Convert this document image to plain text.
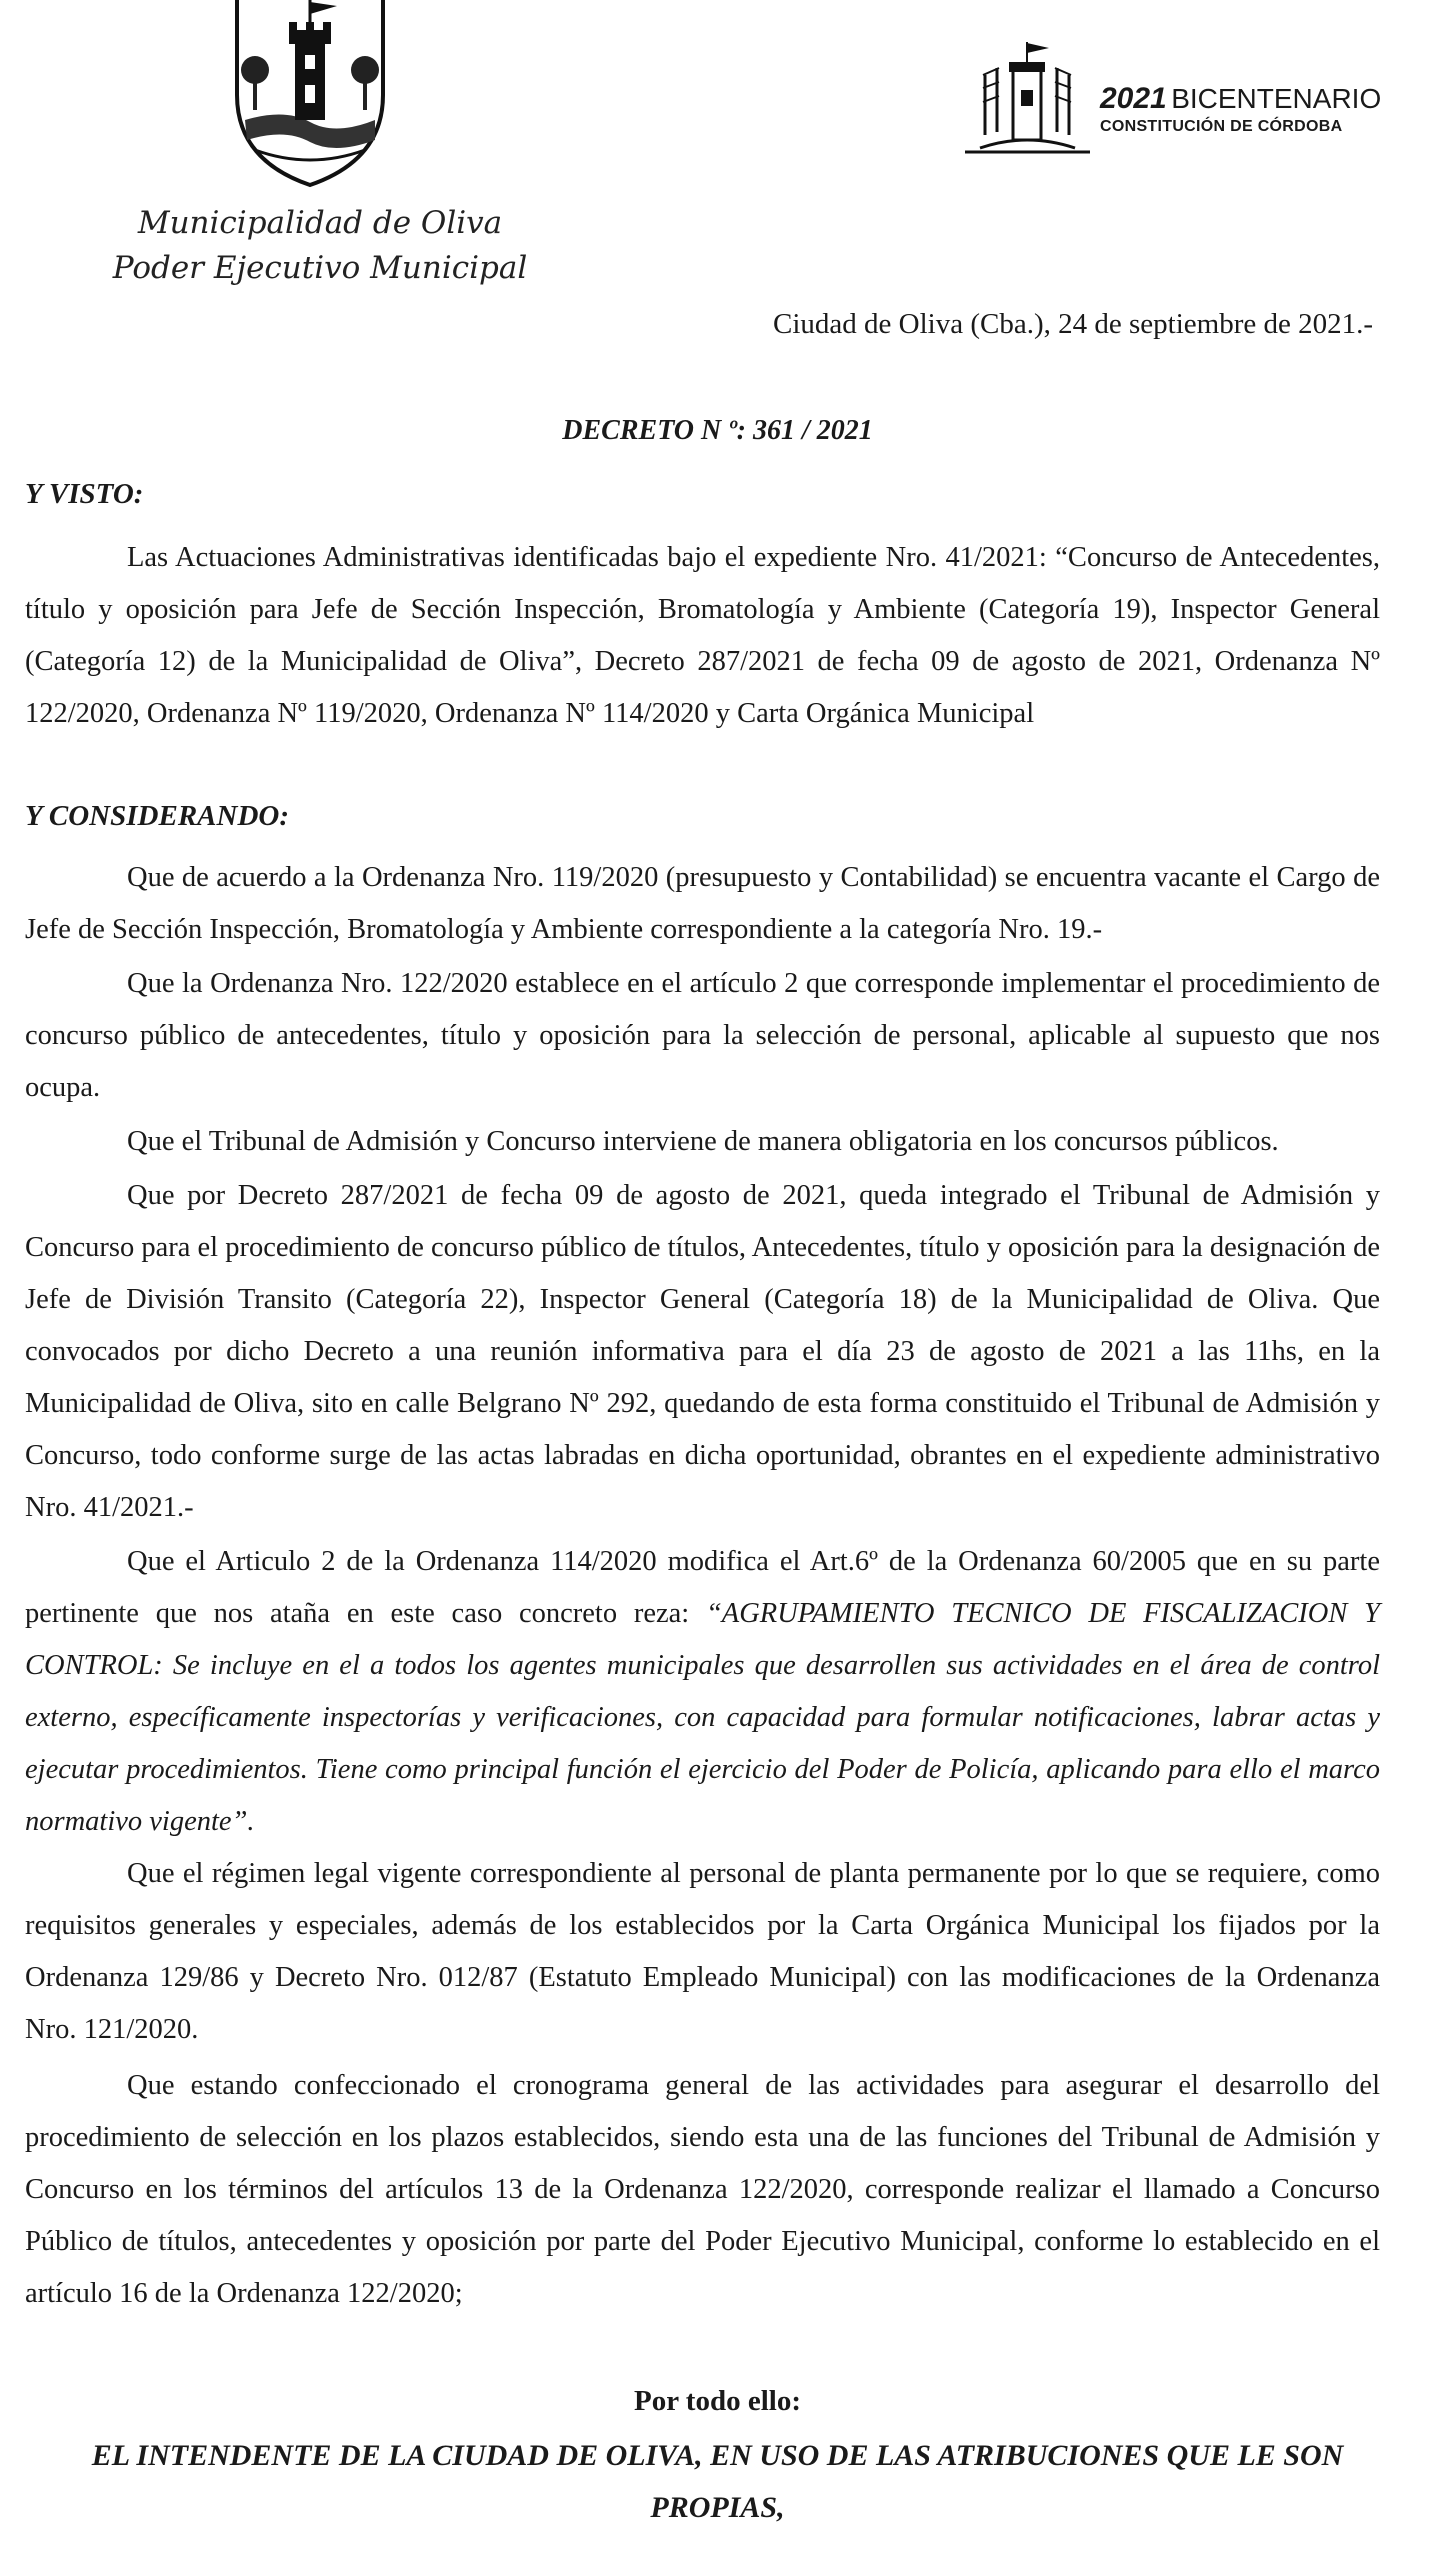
2021 BICENTENARIO
CONSTITUCIÓN DE CÓRDOBA
Municipalidad de Oliva
Poder Ejecutivo Municipal
Ciudad de Oliva (Cba.), 24 de septiembre de 2021.-
DECRETO N º: 361 / 2021
Y VISTO:

Las Actuaciones Administrativas identificadas bajo el expediente Nro. 41/2021: “Concurso de Antecedentes, título y oposición para Jefe de Sección Inspección, Bromatología y Ambiente (Categoría 19), Inspector General (Categoría 12) de la Municipalidad de Oliva”, Decreto 287/2021 de fecha 09 de agosto de 2021, Ordenanza Nº 122/2020, Ordenanza Nº 119/2020, Ordenanza Nº 114/2020 y Carta Orgánica Municipal

Y CONSIDERANDO:

Que de acuerdo a la Ordenanza Nro. 119/2020 (presupuesto y Contabilidad) se encuentra vacante el Cargo de Jefe de Sección Inspección, Bromatología y Ambiente correspondiente a la categoría Nro. 19.-

Que la Ordenanza Nro. 122/2020 establece en el artículo 2 que corresponde implementar el procedimiento de concurso público de antecedentes, título y oposición para la selección de personal, aplicable al supuesto que nos ocupa.

Que el Tribunal de Admisión y Concurso interviene de manera obligatoria en los concursos públicos.

Que por Decreto 287/2021 de fecha 09 de agosto de 2021, queda integrado el Tribunal de Admisión y Concurso para el procedimiento de concurso público de títulos, Antecedentes, título y oposición para la designación de Jefe de División Transito (Categoría 22), Inspector General (Categoría 18) de la Municipalidad de Oliva. Que convocados por dicho Decreto a una reunión informativa para el día 23 de agosto de 2021 a las 11hs, en la Municipalidad de Oliva, sito en calle Belgrano Nº 292, quedando de esta forma constituido el Tribunal de Admisión y Concurso, todo conforme surge de las actas labradas en dicha oportunidad, obrantes en el expediente administrativo Nro. 41/2021.-

Que el Articulo 2 de la Ordenanza 114/2020 modifica el Art.6º de la Ordenanza 60/2005 que en su parte pertinente que nos ataña en este caso concreto reza: “AGRUPAMIENTO TECNICO DE FISCALIZACION Y CONTROL: Se incluye en el a todos los agentes municipales que desarrollen sus actividades en el área de control externo, específicamente inspectorías y verificaciones, con capacidad para formular notificaciones, labrar actas y ejecutar procedimientos. Tiene como principal función el ejercicio del Poder de Policía, aplicando para ello el marco normativo vigente”.

Que el régimen legal vigente correspondiente al personal de planta permanente por lo que se requiere, como requisitos generales y especiales, además de los establecidos por la Carta Orgánica Municipal los fijados por la Ordenanza 129/86 y Decreto Nro. 012/87 (Estatuto Empleado Municipal) con las modificaciones de la Ordenanza Nro. 121/2020.

Que estando confeccionado el cronograma general de las actividades para asegurar el desarrollo del procedimiento de selección en los plazos establecidos, siendo esta una de las funciones del Tribunal de Admisión y Concurso en los términos del artículos 13 de la Ordenanza 122/2020, corresponde realizar el llamado a Concurso Público de títulos, antecedentes y oposición por parte del Poder Ejecutivo Municipal, conforme lo establecido en el artículo 16 de la Ordenanza 122/2020;

Por todo ello:
EL INTENDENTE DE LA CIUDAD DE OLIVA, EN USO DE LAS ATRIBUCIONES QUE LE SON
PROPIAS,
